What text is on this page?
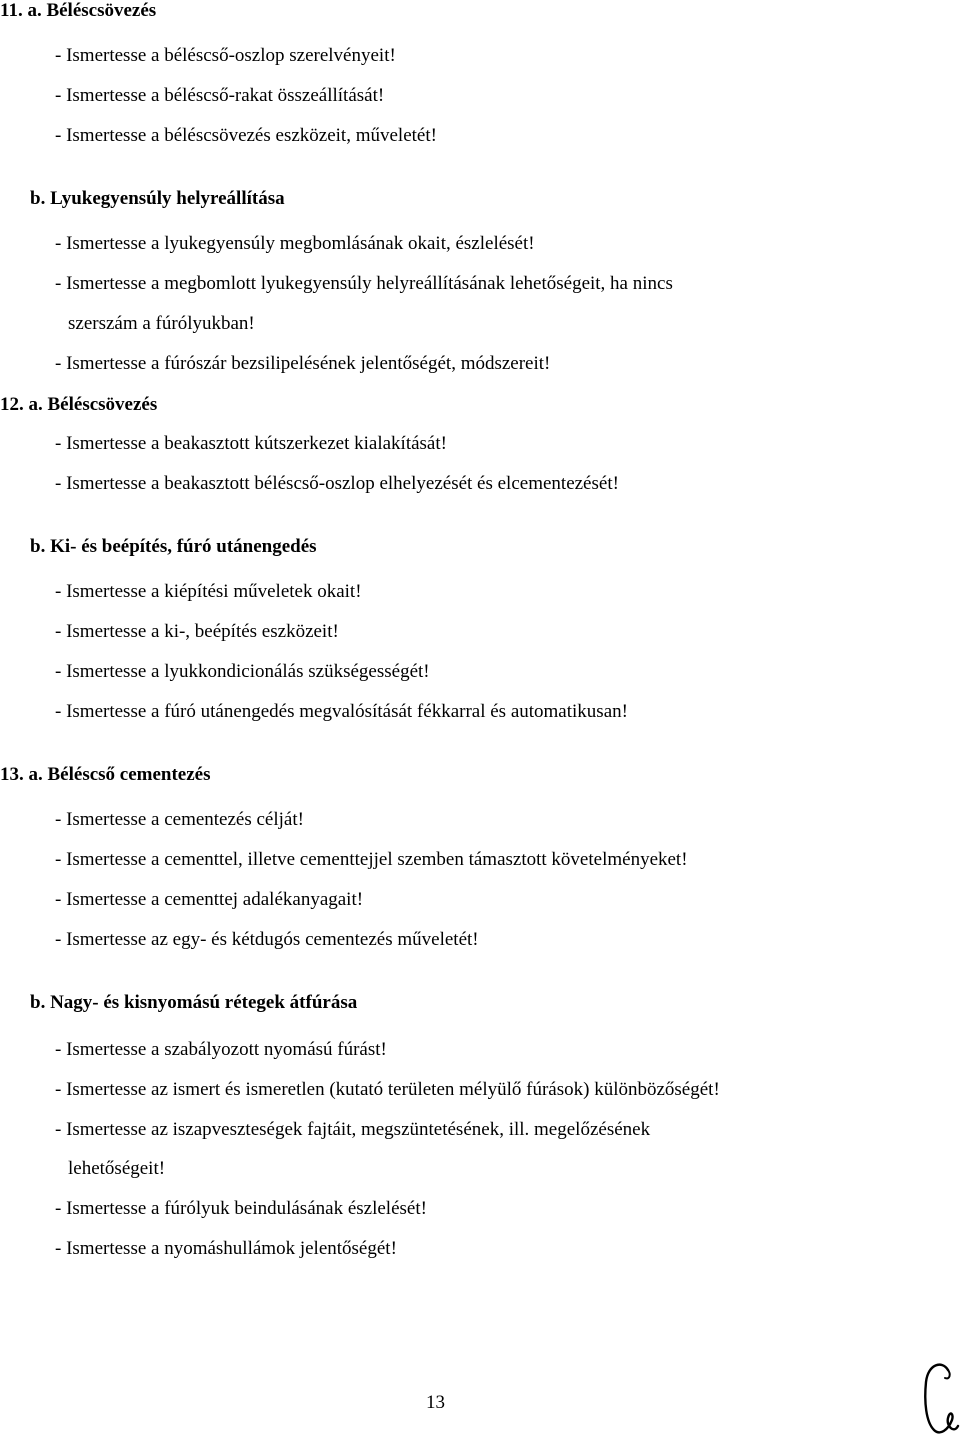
11. a. Béléscsövezés
- Ismertesse a béléscső-oszlop szerelvényeit!
- Ismertesse a béléscső-rakat összeállítását!
- Ismertesse a béléscsövezés eszközeit, műveletét!
b. Lyukegyensúly helyreállítása
- Ismertesse a lyukegyensúly megbomlásának okait, észlelését!
- Ismertesse a megbomlott lyukegyensúly helyreállításának lehetőségeit, ha nincs
szerszám a fúrólyukban!
- Ismertesse a fúrószár bezsilipelésének jelentőségét, módszereit!
12. a. Béléscsövezés
- Ismertesse a beakasztott kútszerkezet kialakítását!
- Ismertesse a beakasztott béléscső-oszlop elhelyezését és elcementezését!
b. Ki- és beépítés, fúró utánengedés
- Ismertesse a kiépítési műveletek okait!
- Ismertesse a ki-, beépítés eszközeit!
- Ismertesse a lyukkondicionálás szükségességét!
- Ismertesse a fúró utánengedés megvalósítását fékkarral és automatikusan!
13. a. Béléscső cementezés
- Ismertesse a cementezés célját!
- Ismertesse a cementtel, illetve cementtejjel szemben támasztott követelményeket!
- Ismertesse a cementtej adalékanyagait!
- Ismertesse az egy- és kétdugós cementezés műveletét!
b. Nagy- és kisnyomású rétegek átfúrása
- Ismertesse a szabályozott nyomású fúrást!
- Ismertesse az ismert és ismeretlen (kutató területen mélyülő fúrások) különbözőségét!
- Ismertesse az iszapveszteségek fajtáit, megszüntetésének, ill. megelőzésének
lehetőségeit!
- Ismertesse a fúrólyuk beindulásának észlelését!
- Ismertesse a nyomáshullámok jelentőségét!
13
